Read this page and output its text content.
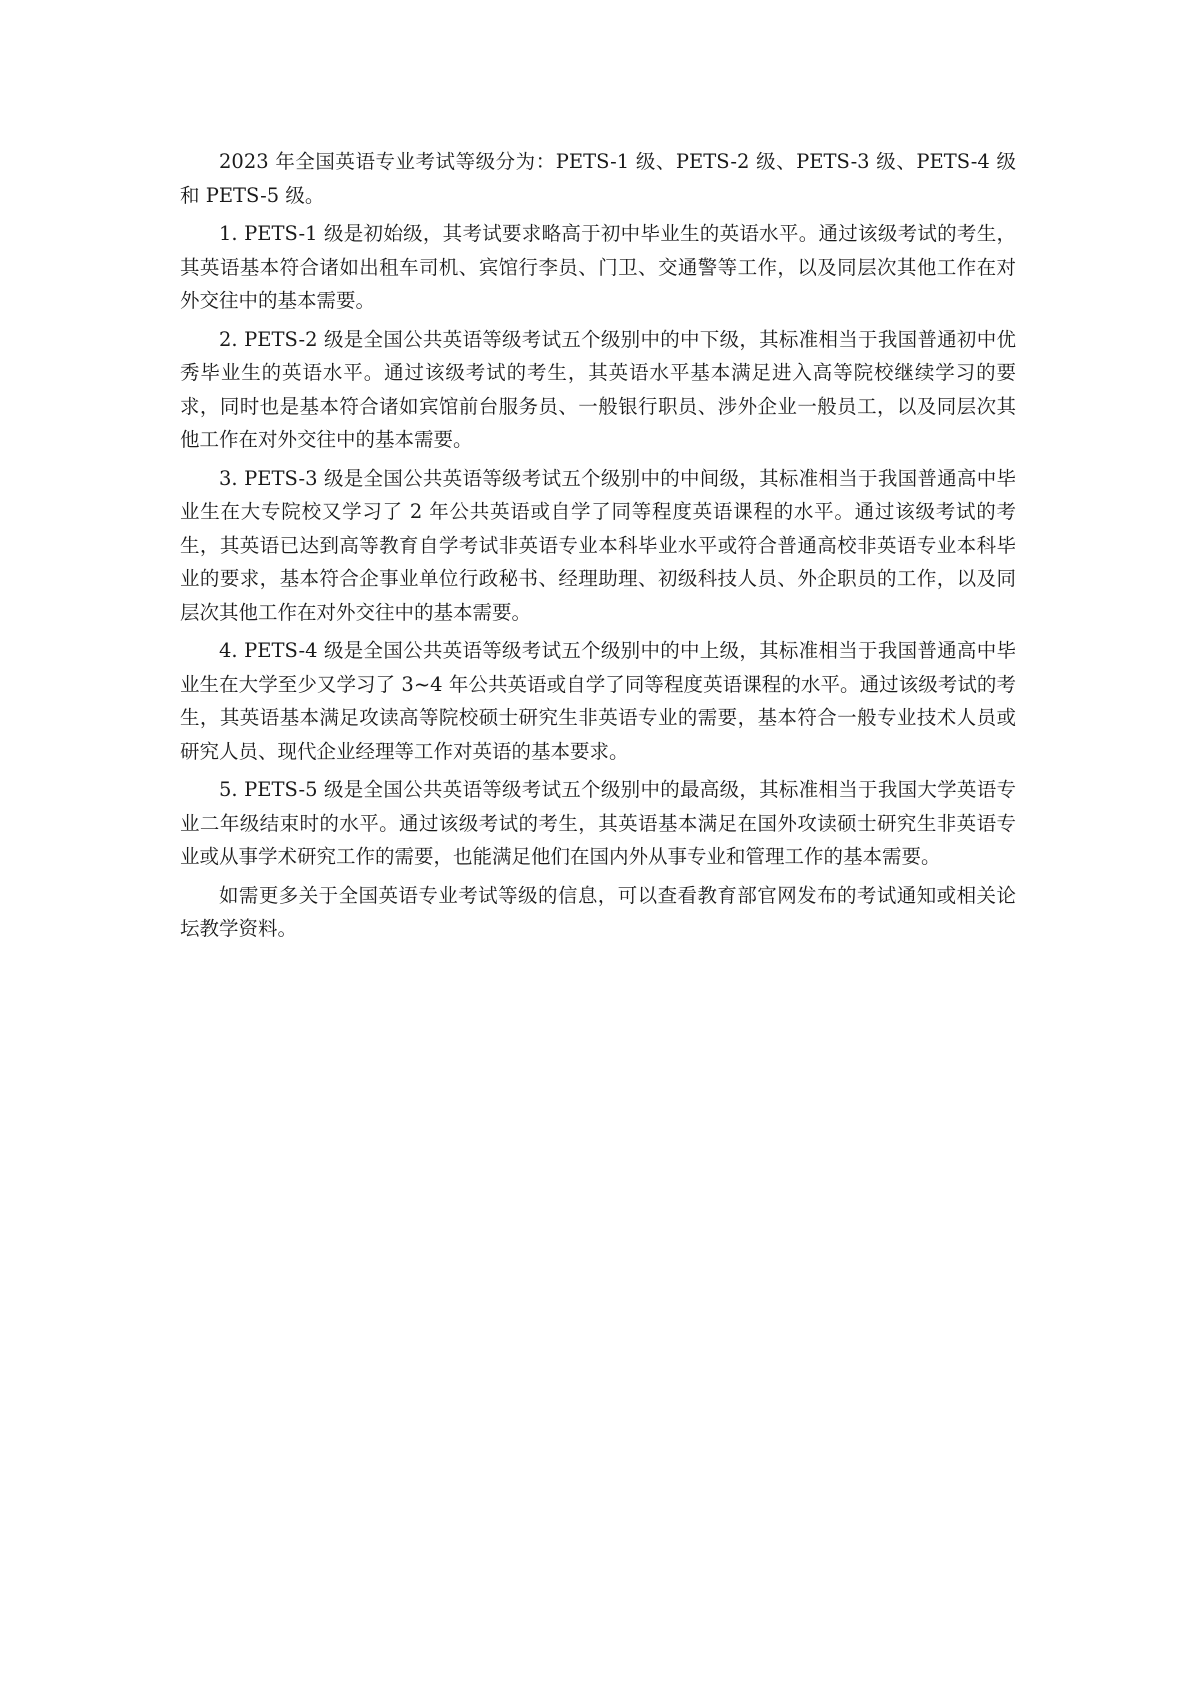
2023 年全国英语专业考试等级分为：PETS-1 级、PETS-2 级、PETS-3 级、PETS-4 级和 PETS-5 级。

1. PETS-1 级是初始级，其考试要求略高于初中毕业生的英语水平。通过该级考试的考生，其英语基本符合诸如出租车司机、宾馆行李员、门卫、交通警等工作，以及同层次其他工作在对外交往中的基本需要。

2. PETS-2 级是全国公共英语等级考试五个级别中的中下级，其标准相当于我国普通初中优秀毕业生的英语水平。通过该级考试的考生，其英语水平基本满足进入高等院校继续学习的要求，同时也是基本符合诸如宾馆前台服务员、一般银行职员、涉外企业一般员工，以及同层次其他工作在对外交往中的基本需要。

3. PETS-3 级是全国公共英语等级考试五个级别中的中间级，其标准相当于我国普通高中毕业生在大专院校又学习了 2 年公共英语或自学了同等程度英语课程的水平。通过该级考试的考生，其英语已达到高等教育自学考试非英语专业本科毕业水平或符合普通高校非英语专业本科毕业的要求，基本符合企事业单位行政秘书、经理助理、初级科技人员、外企职员的工作，以及同层次其他工作在对外交往中的基本需要。

4. PETS-4 级是全国公共英语等级考试五个级别中的中上级，其标准相当于我国普通高中毕业生在大学至少又学习了 3~4 年公共英语或自学了同等程度英语课程的水平。通过该级考试的考生，其英语基本满足攻读高等院校硕士研究生非英语专业的需要，基本符合一般专业技术人员或研究人员、现代企业经理等工作对英语的基本要求。

5. PETS-5 级是全国公共英语等级考试五个级别中的最高级，其标准相当于我国大学英语专业二年级结束时的水平。通过该级考试的考生，其英语基本满足在国外攻读硕士研究生非英语专业或从事学术研究工作的需要，也能满足他们在国内外从事专业和管理工作的基本需要。

如需更多关于全国英语专业考试等级的信息，可以查看教育部官网发布的考试通知或相关论坛教学资料。
